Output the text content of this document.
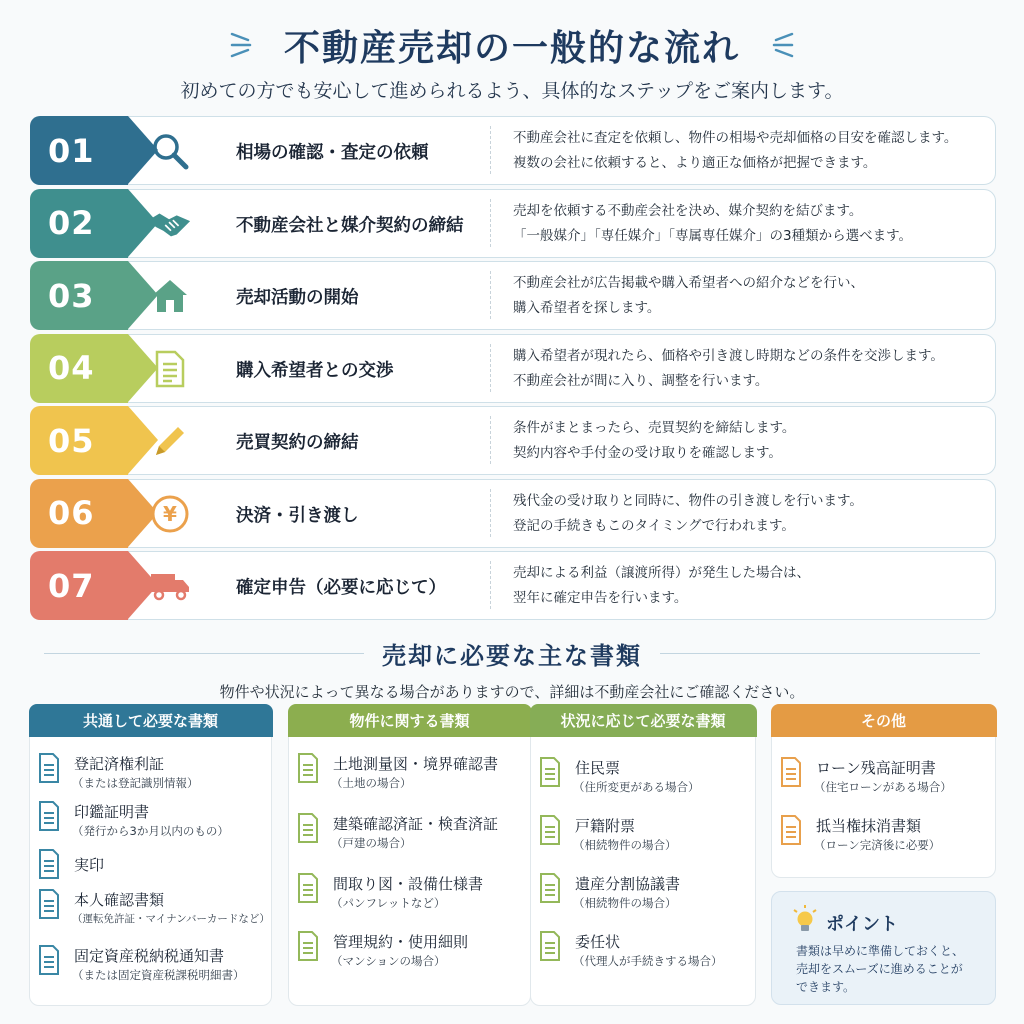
不動産売却の一般的な流れ
初めての方でも安心して進められるよう、具体的なステップをご案内します。
01	相場の確認・査定の依頼
不動産会社に査定を依頼し、物件の相場や売却価格の目安を確認します。
複数の会社に依頼すると、より適正な価格が把握できます。
02	不動産会社と媒介契約の締結
売却を依頼する不動産会社を決め、媒介契約を結びます。
「一般媒介」「専任媒介」「専属専任媒介」の3種類から選べます。
03	売却活動の開始
不動産会社が広告掲載や購入希望者への紹介などを行い、
購入希望者を探します。
04	購入希望者との交渉
購入希望者が現れたら、価格や引き渡し時期などの条件を交渉します。
不動産会社が間に入り、調整を行います。
05	売買契約の締結
条件がまとまったら、売買契約を締結します。
契約内容や手付金の受け取りを確認します。
06	¥	決済・引き渡し
残代金の受け取りと同時に、物件の引き渡しを行います。
登記の手続きもこのタイミングで行われます。
07	確定申告（必要に応じて）
売却による利益（譲渡所得）が発生した場合は、
翌年に確定申告を行います。
売却に必要な主な書類
物件や状況によって異なる場合がありますので、詳細は不動産会社にご確認ください。
共通して必要な書類
登記済権利証
（または登記識別情報）
印鑑証明書
（発行から3か月以内のもの）
実印
本人確認書類
（運転免許証・マイナンバーカードなど）
固定資産税納税通知書
（または固定資産税課税明細書）
物件に関する書類
土地測量図・境界確認書
（土地の場合）
建築確認済証・検査済証
（戸建の場合）
間取り図・設備仕様書
（パンフレットなど）
管理規約・使用細則
（マンションの場合）
状況に応じて必要な書類
住民票
（住所変更がある場合）
戸籍附票
（相続物件の場合）
遺産分割協議書
（相続物件の場合）
委任状
（代理人が手続きする場合）
その他
ローン残高証明書
（住宅ローンがある場合）
抵当権抹消書類
（ローン完済後に必要）
ポイント
書類は早めに準備しておくと、
売却をスムーズに進めることが
できます。
